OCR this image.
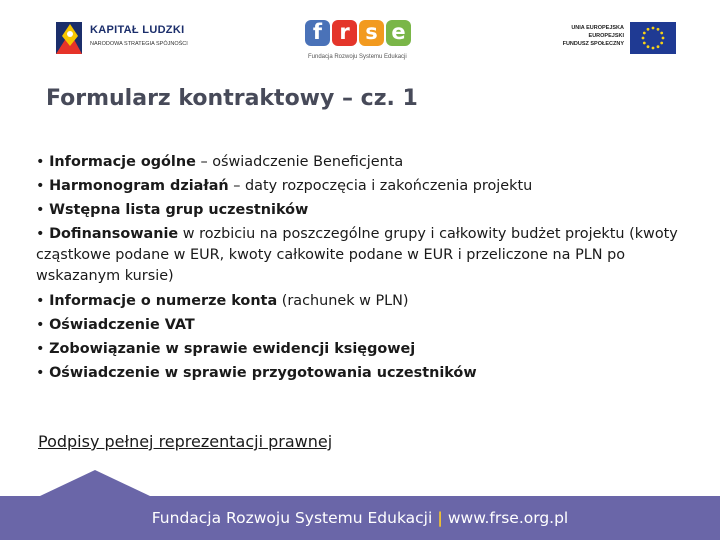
KAPITAŁ LUDZKI
NARODOWA STRATEGIA SPÓJNOŚCI	f r s e
Fundacja Rozwoju Systemu Edukacji
UNIA EUROPEJSKA
EUROPEJSKI
FUNDUSZ SPOŁECZNY
Formularz kontraktowy – cz. 1
• Informacje ogólne – oświadczenie Beneficjenta
• Harmonogram działań – daty rozpoczęcia i zakończenia projektu
• Wstępna lista grup uczestników
• Dofinansowanie w rozbiciu na poszczególne grupy i całkowity budżet projektu (kwoty cząstkowe podane w EUR, kwoty całkowite podane w EUR i przeliczone na PLN po wskazanym kursie)
• Informacje o numerze konta (rachunek w PLN)
• Oświadczenie VAT
• Zobowiązanie w sprawie ewidencji księgowej
• Oświadczenie w sprawie przygotowania uczestników
Podpisy pełnej reprezentacji prawnej
Fundacja Rozwoju Systemu Edukacji | www.frse.org.pl
